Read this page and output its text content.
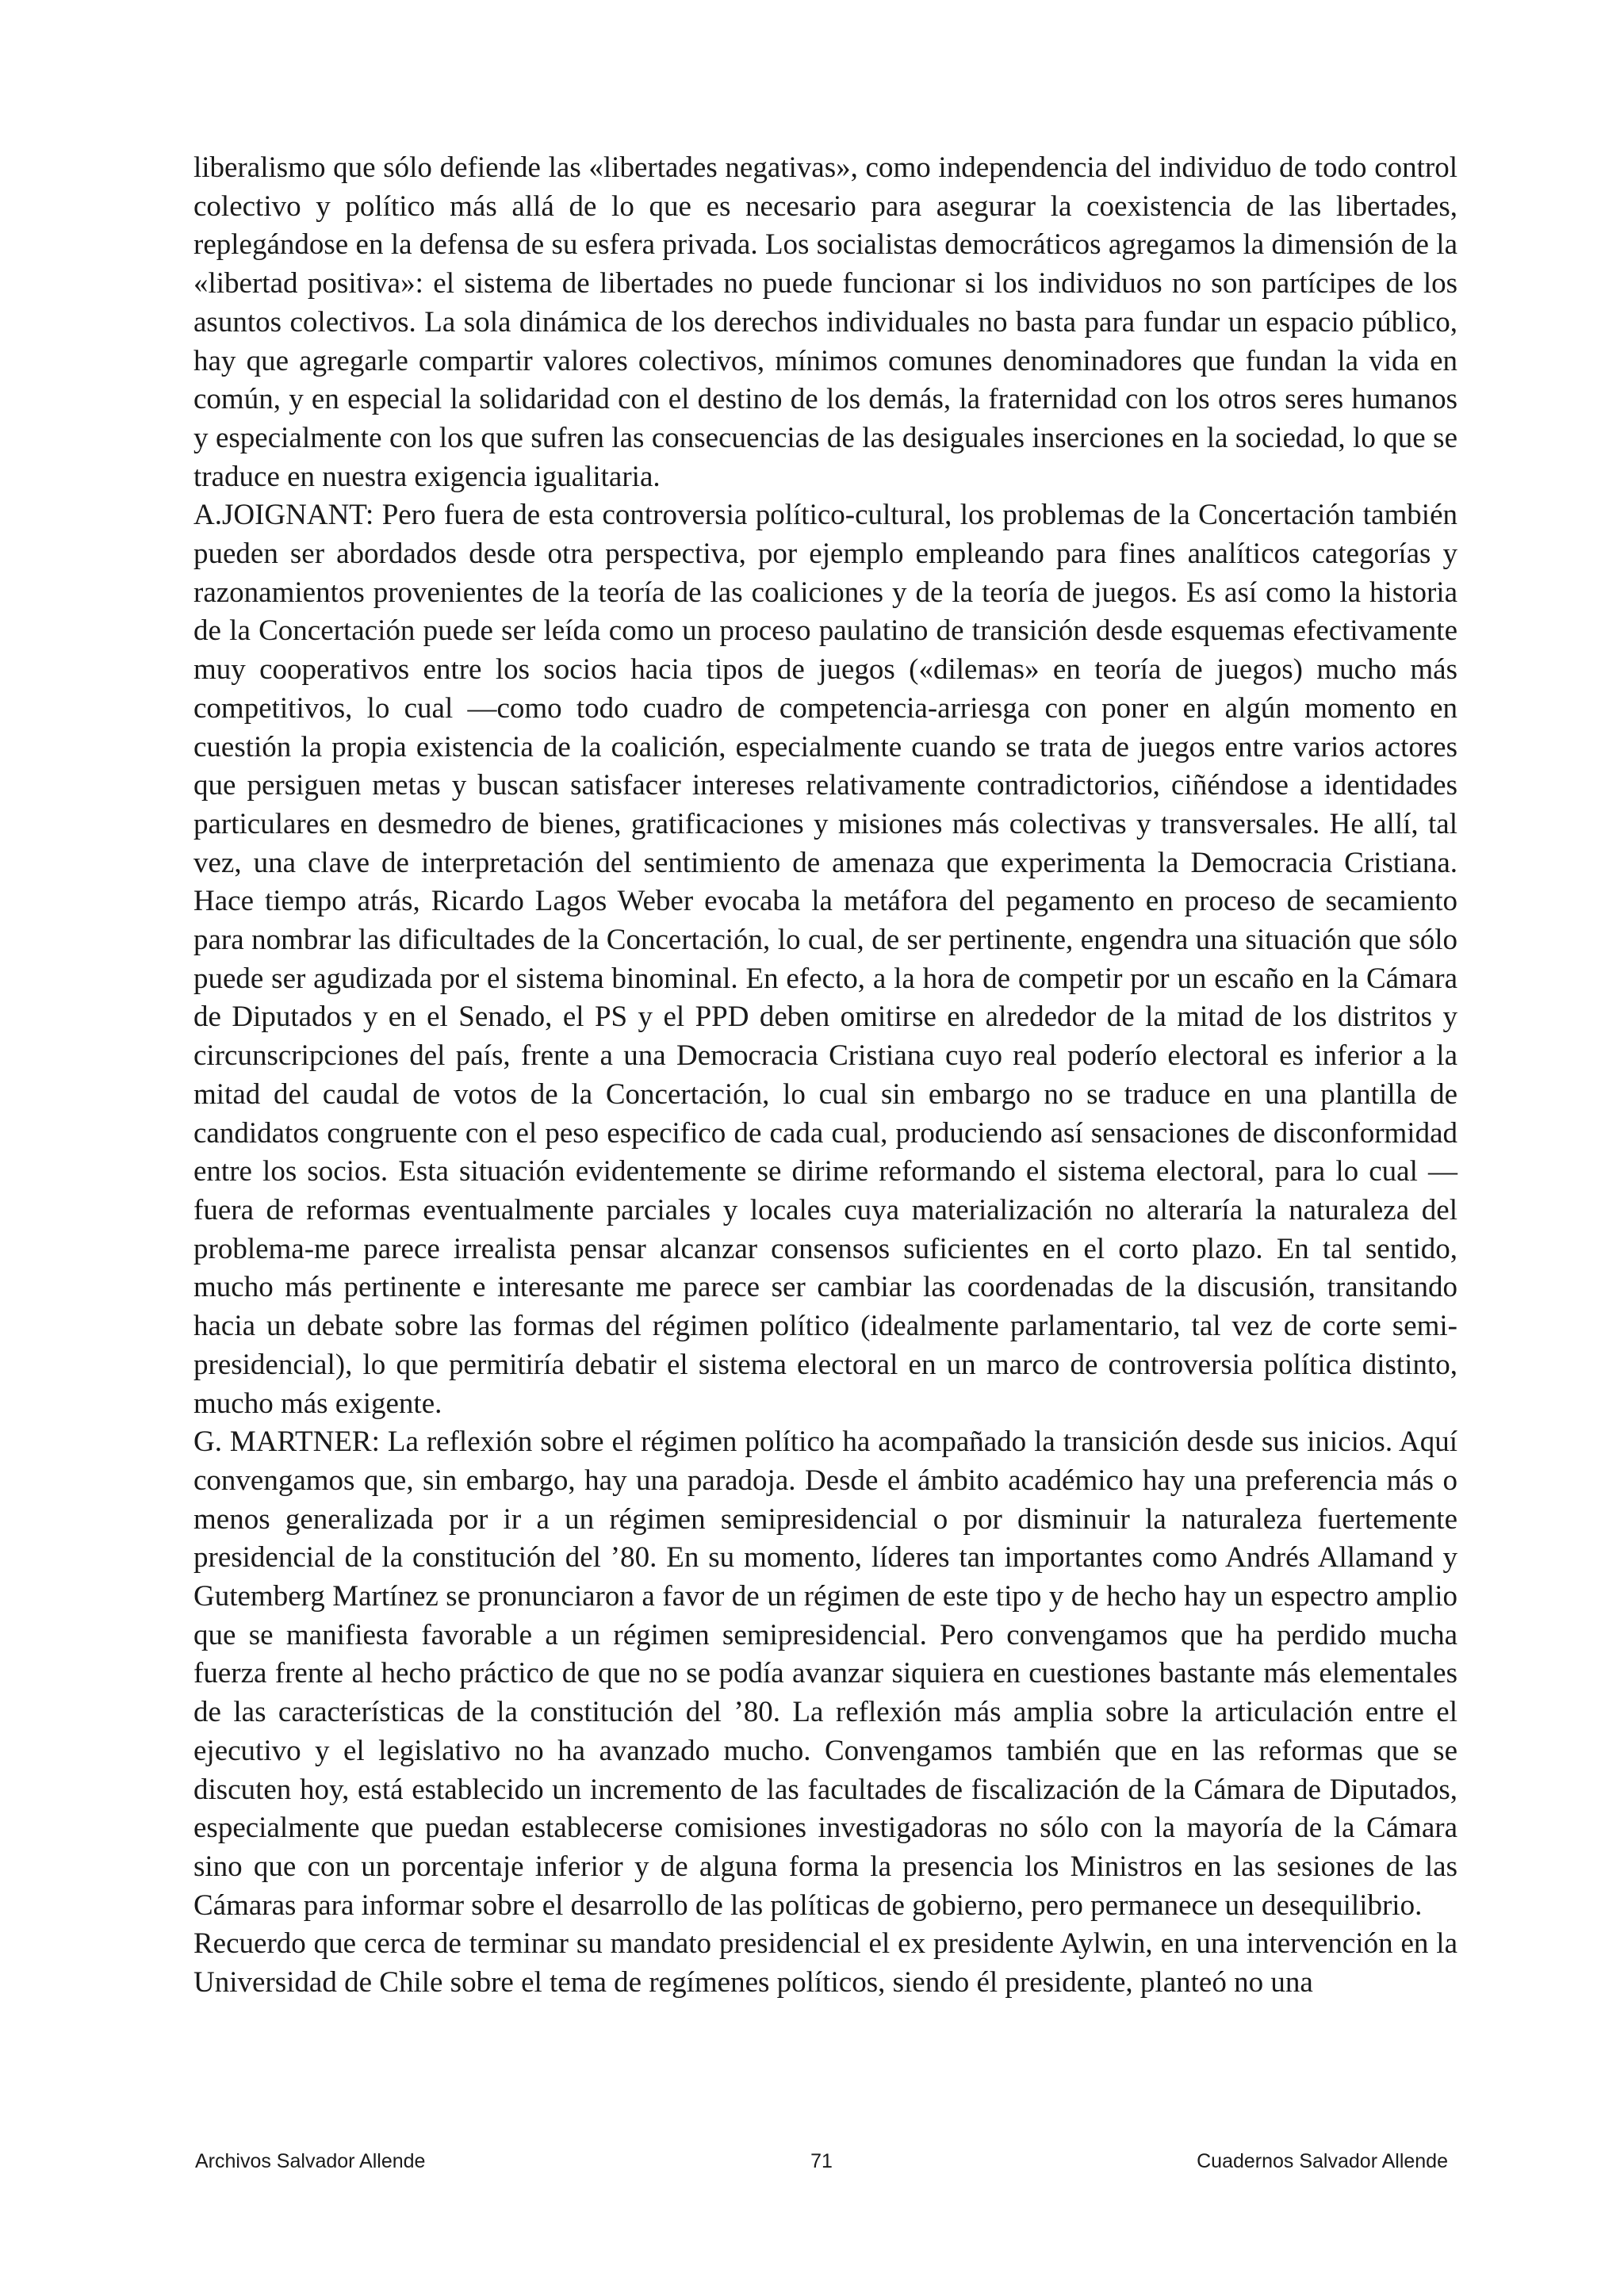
liberalismo que sólo defiende las «libertades negativas», como independencia del individuo de todo control colectivo y político más allá de lo que es necesario para asegurar la coexistencia de las libertades, replegándose en la defensa de su esfera privada. Los socialistas democráticos agregamos la dimensión de la «libertad positiva»: el sistema de libertades no puede funcionar si los individuos no son partícipes de los asuntos colectivos. La sola dinámica de los derechos individuales no basta para fundar un espacio público, hay que agregarle compartir valores colectivos, mínimos comunes denominadores que fundan la vida en común, y en especial la solidaridad con el destino de los demás, la fraternidad con los otros seres humanos y especialmente con los que sufren las consecuencias de las desiguales inserciones en la sociedad, lo que se traduce en nuestra exigencia igualitaria.

A.JOIGNANT: Pero fuera de esta controversia político-cultural, los problemas de la Concertación también pueden ser abordados desde otra perspectiva, por ejemplo empleando para fines analíticos categorías y razonamientos provenientes de la teoría de las coaliciones y de la teoría de juegos. Es así como la historia de la Concertación puede ser leída como un proceso paulatino de transición desde esquemas efectivamente muy cooperativos entre los socios hacia tipos de juegos («dilemas» en teoría de juegos) mucho más competitivos, lo cual —como todo cuadro de competencia-arriesga con poner en algún momento en cuestión la propia existencia de la coalición, especialmente cuando se trata de juegos entre varios actores que persiguen metas y buscan satisfacer intereses relativamente contradictorios, ciñéndose a identidades particulares en desmedro de bienes, gratificaciones y misiones más colectivas y transversales. He allí, tal vez, una clave de interpretación del sentimiento de amenaza que experimenta la Democracia Cristiana. Hace tiempo atrás, Ricardo Lagos Weber evocaba la metáfora del pegamento en proceso de secamiento para nombrar las dificultades de la Concertación, lo cual, de ser pertinente, engendra una situación que sólo puede ser agudizada por el sistema binominal. En efecto, a la hora de competir por un escaño en la Cámara de Diputados y en el Senado, el PS y el PPD deben omitirse en alrededor de la mitad de los distritos y circunscripciones del país, frente a una Democracia Cristiana cuyo real poderío electoral es inferior a la mitad del caudal de votos de la Concertación, lo cual sin embargo no se traduce en una plantilla de candidatos congruente con el peso especifico de cada cual, produciendo así sensaciones de disconformidad entre los socios. Esta situación evidentemente se dirime reformando el sistema electoral, para lo cual —fuera de reformas eventualmente parciales y locales cuya materialización no alteraría la naturaleza del problema-me parece irrealista pensar alcanzar consensos suficientes en el corto plazo. En tal sentido, mucho más pertinente e interesante me parece ser cambiar las coordenadas de la discusión, transitando hacia un debate sobre las formas del régimen político (idealmente parlamentario, tal vez de corte semi-presidencial), lo que permitiría debatir el sistema electoral en un marco de controversia política distinto, mucho más exigente.

G. MARTNER: La reflexión sobre el régimen político ha acompañado la transición desde sus inicios. Aquí convengamos que, sin embargo, hay una paradoja. Desde el ámbito académico hay una preferencia más o menos generalizada por ir a un régimen semipresidencial o por disminuir la naturaleza fuertemente presidencial de la constitución del ’80. En su momento, líderes tan importantes como Andrés Allamand y Gutemberg Martínez se pronunciaron a favor de un régimen de este tipo y de hecho hay un espectro amplio que se manifiesta favorable a un régimen semipresidencial. Pero convengamos que ha perdido mucha fuerza frente al hecho práctico de que no se podía avanzar siquiera en cuestiones bastante más elementales de las características de la constitución del ’80. La reflexión más amplia sobre la articulación entre el ejecutivo y el legislativo no ha avanzado mucho. Convengamos también que en las reformas que se discuten hoy, está establecido un incremento de las facultades de fiscalización de la Cámara de Diputados, especialmente que puedan establecerse comisiones investigadoras no sólo con la mayoría de la Cámara sino que con un porcentaje inferior y de alguna forma la presencia los Ministros en las sesiones de las Cámaras para informar sobre el desarrollo de las políticas de gobierno, pero permanece un desequilibrio.

Recuerdo que cerca de terminar su mandato presidencial el ex presidente Aylwin, en una intervención en la Universidad de Chile sobre el tema de regímenes políticos, siendo él presidente, planteó no una

Archivos Salvador Allende	71	Cuadernos Salvador Allende
